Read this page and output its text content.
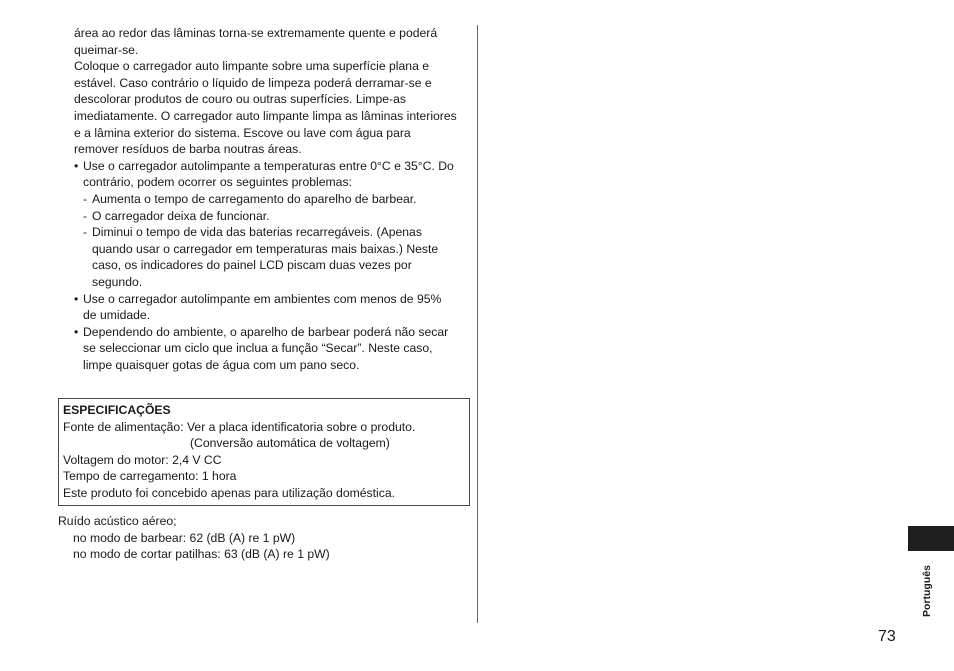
área ao redor das lâminas torna-se extremamente quente e poderá

queimar-se.

Coloque o carregador auto limpante sobre uma superfície plana e

estável. Caso contrário o líquido de limpeza poderá derramar-se e

descolorar produtos de couro ou outras superfícies. Limpe-as

imediatamente. O carregador auto limpante limpa as lâminas interiores

e a lâmina exterior do sistema. Escove ou lave com água para

remover resíduos de barba noutras áreas.

• Use o carregador autolimpante a temperaturas entre 0°C e 35°C. Do
contrário, podem ocorrer os seguintes problemas:
- Aumenta o tempo de carregamento do aparelho de barbear.
- O carregador deixa de funcionar.
- Diminui o tempo de vida das baterias recarregáveis. (Apenas
quando usar o carregador em temperaturas mais baixas.) Neste
caso, os indicadores do painel LCD piscam duas vezes por
segundo.
• Use o carregador autolimpante em ambientes com menos de 95%
de umidade.
• Dependendo do ambiente, o aparelho de barbear poderá não secar
se seleccionar um ciclo que inclua a função “Secar”. Neste caso,
limpe quaisquer gotas de água com um pano seco.
ESPECIFICAÇÕES
Fonte de alimentação: Ver a placa identificatoria sobre o produto.
(Conversão automática de voltagem)
Voltagem do motor: 2,4 V CC
Tempo de carregamento: 1 hora
Este produto foi concebido apenas para utilização doméstica.
Ruído acústico aéreo;
no modo de barbear: 62 (dB (A) re 1 pW)
no modo de cortar patilhas: 63 (dB (A) re 1 pW)
Português
73
